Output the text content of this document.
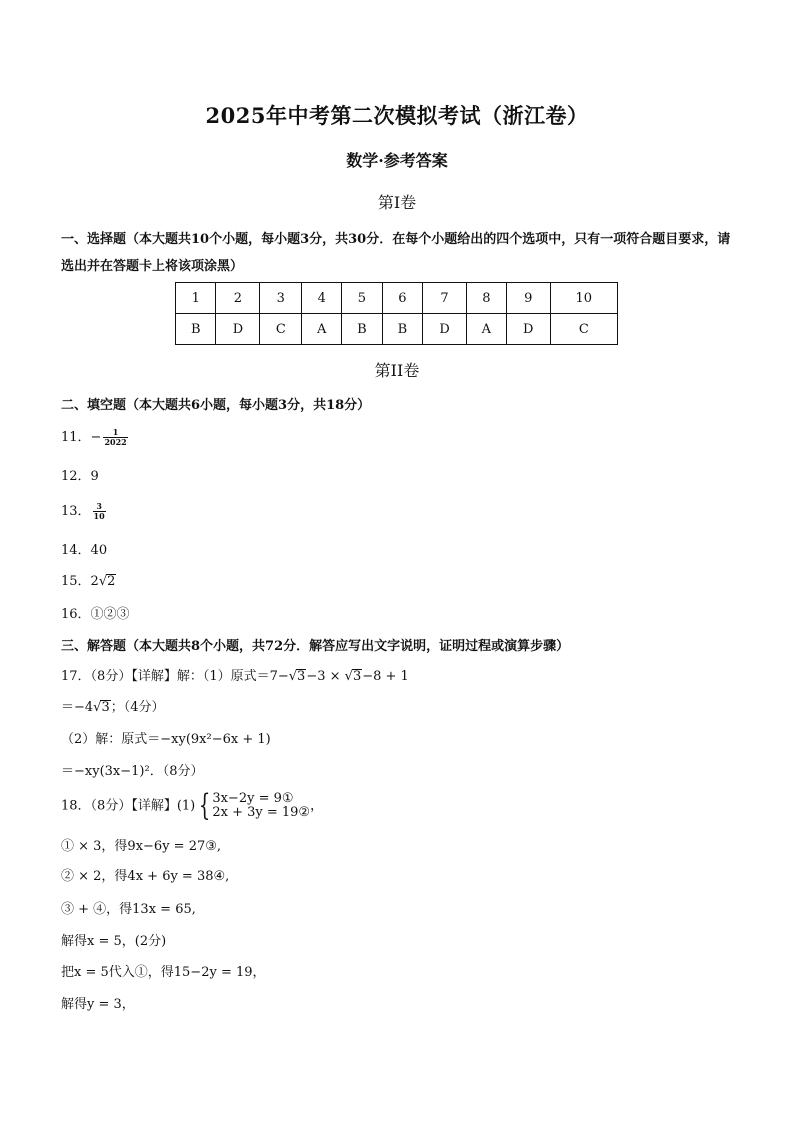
2025年中考第二次模拟考试（浙江卷）
数学·参考答案
第Ⅰ卷
一、选择题（本大题共10个小题，每小题3分，共30分．在每个小题给出的四个选项中，只有一项符合题目要求，请选出并在答题卡上将该项涂黑）
1	2	3	4	5	6	7	8	9	10
B	D	C	A	B	B	D	A	D	C
第II卷
二、填空题（本大题共6小题，每小题3分，共18分）
11．− $\frac{1}{2022}$
12．9
13． $\frac{3}{10}$
14．40
15．2√2
16．①②③
三、解答题（本大题共8个小题，共72分．解答应写出文字说明，证明过程或演算步骤）
17．（8分）【详解】解：（1）原式＝7−√3−3 × √3−8 + 1
＝−4√3；（4分）
（2）解：原式＝−xy(9x²−6x + 1)
＝−xy(3x−1)²．（8分）
18．（8分）【详解】(1) { 3x−2y = 9①
2x + 3y = 19② ，
① × 3，得9x−6y = 27③,
② × 2，得4x + 6y = 38④,
③ + ④，得13x = 65,
解得x = 5，(2分)
把x = 5代入①，得15−2y = 19，
解得y = 3，
